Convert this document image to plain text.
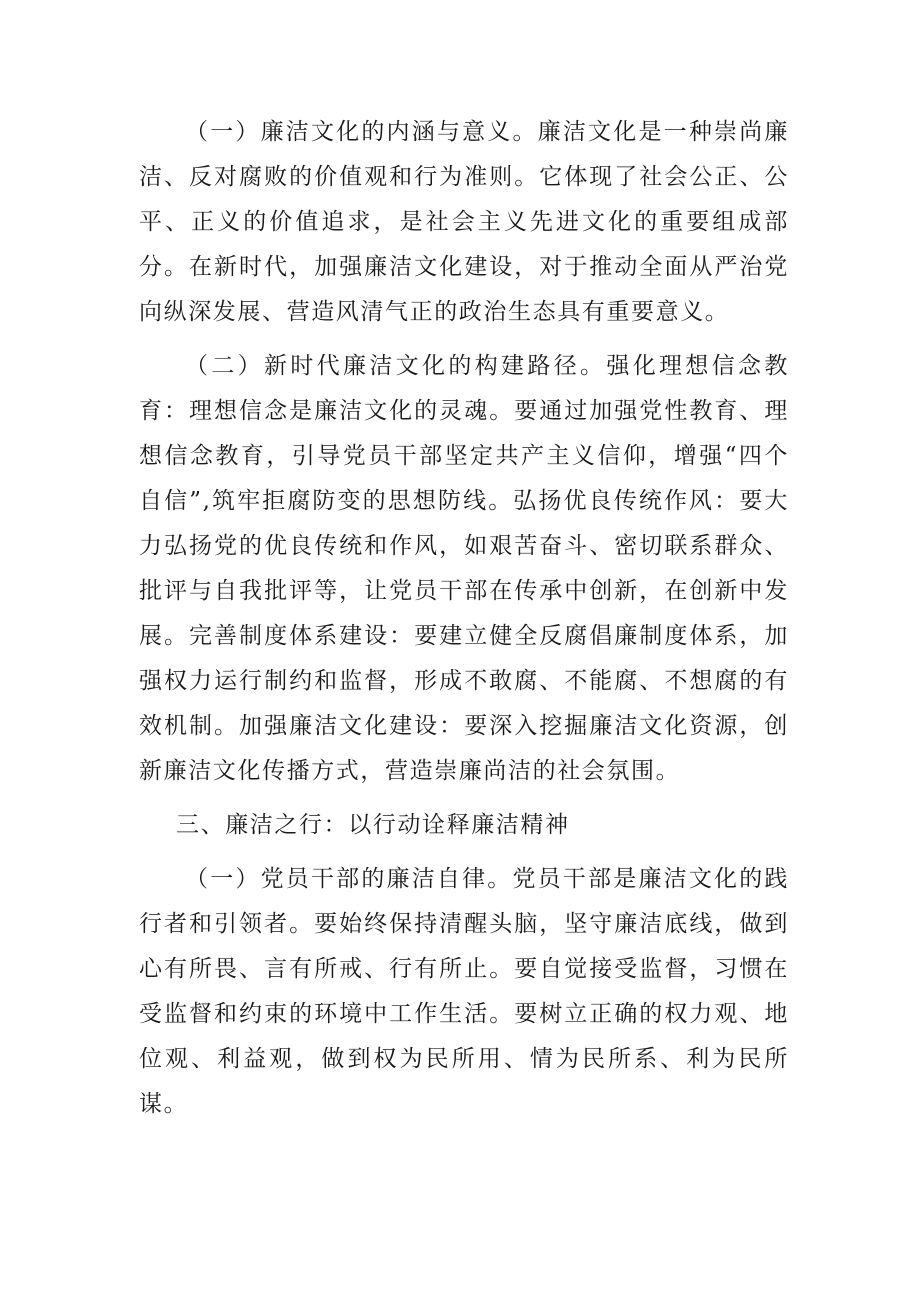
（一）廉洁文化的内涵与意义。廉洁文化是一种崇尚廉洁、反对腐败的价值观和行为准则。它体现了社会公正、公平、正义的价值追求，是社会主义先进文化的重要组成部分。在新时代，加强廉洁文化建设，对于推动全面从严治党向纵深发展、营造风清气正的政治生态具有重要意义。

（二）新时代廉洁文化的构建路径。强化理想信念教育：理想信念是廉洁文化的灵魂。要通过加强党性教育、理想信念教育，引导党员干部坚定共产主义信仰，增强“四个自信”,筑牢拒腐防变的思想防线。弘扬优良传统作风：要大力弘扬党的优良传统和作风，如艰苦奋斗、密切联系群众、批评与自我批评等，让党员干部在传承中创新，在创新中发展。完善制度体系建设：要建立健全反腐倡廉制度体系，加强权力运行制约和监督，形成不敢腐、不能腐、不想腐的有效机制。加强廉洁文化建设：要深入挖掘廉洁文化资源，创新廉洁文化传播方式，营造崇廉尚洁的社会氛围。

三、廉洁之行：以行动诠释廉洁精神

（一）党员干部的廉洁自律。党员干部是廉洁文化的践行者和引领者。要始终保持清醒头脑，坚守廉洁底线，做到心有所畏、言有所戒、行有所止。要自觉接受监督，习惯在受监督和约束的环境中工作生活。要树立正确的权力观、地位观、利益观，做到权为民所用、情为民所系、利为民所谋。
